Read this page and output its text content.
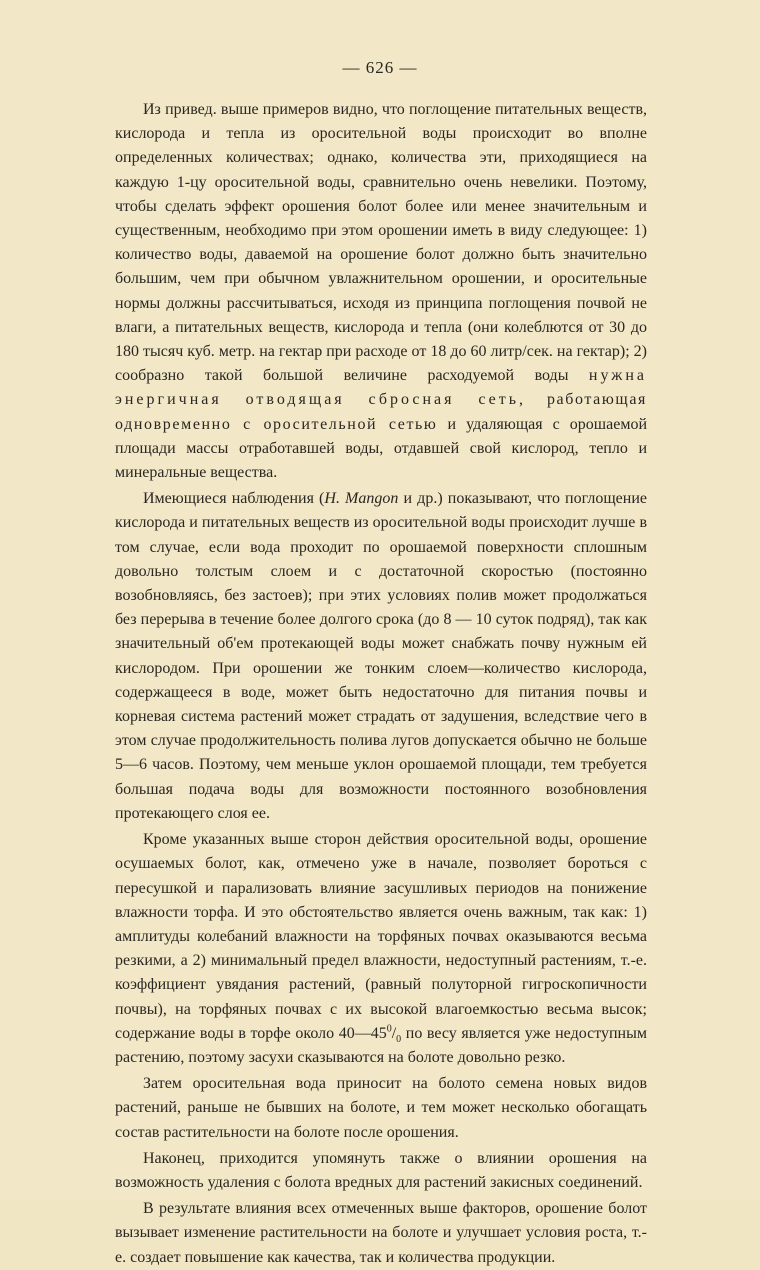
— 626 —

Из привед. выше примеров видно, что поглощение питательных веществ, кислорода и тепла из оросительной воды происходит во вполне определенных количествах; однако, количества эти, приходящиеся на каждую 1-цу оросительной воды, сравнительно очень невелики. Поэтому, чтобы сделать эффект орошения болот более или менее значительным и существенным, необходимо при этом орошении иметь в виду следующее: 1) количество воды, даваемой на орошение болот должно быть значительно большим, чем при обычном увлажнительном орошении, и оросительные нормы должны рассчитываться, исходя из принципа поглощения почвой не влаги, а питательных веществ, кислорода и тепла (они колеблются от 30 до 180 тысяч куб. метр. на гектар при расходе от 18 до 60 литр/сек. на гектар); 2) сообразно такой большой величине расходуемой воды нужна энергичная отводящая сбросная сеть, работающая одновременно с оросительной сетью и удаляющая с орошаемой площади массы отработавшей воды, отдавшей свой кислород, тепло и минеральные вещества.

Имеющиеся наблюдения (H. Mangon и др.) показывают, что поглощение кислорода и питательных веществ из оросительной воды происходит лучше в том случае, если вода проходит по орошаемой поверхности сплошным довольно толстым слоем и с достаточной скоростью (постоянно возобновляясь, без застоев); при этих условиях полив может продолжаться без перерыва в течение более долгого срока (до 8 — 10 суток подряд), так как значительный об'ем протекающей воды может снабжать почву нужным ей кислородом. При орошении же тонким слоем—количество кислорода, содержащееся в воде, может быть недостаточно для питания почвы и корневая система растений может страдать от задушения, вследствие чего в этом случае продолжительность полива лугов допускается обычно не больше 5—6 часов. Поэтому, чем меньше уклон орошаемой площади, тем требуется большая подача воды для возможности постоянного возобновления протекающего слоя ее.

Кроме указанных выше сторон действия оросительной воды, орошение осушаемых болот, как, отмечено уже в начале, позволяет бороться с пересушкой и парализовать влияние засушливых периодов на понижение влажности торфа. И это обстоятельство является очень важным, так как: 1) амплитуды колебаний влажности на торфяных почвах оказываются весьма резкими, а 2) минимальный предел влажности, недоступный растениям, т.-е. коэффициент увядания растений, (равный полуторной гигроскопичности почвы), на торфяных почвах с их высокой влагоемкостью весьма высок; содержание воды в торфе около $40—45^0/_0$ по весу является уже недоступным растению, поэтому засухи сказываются на болоте довольно резко.

Затем оросительная вода приносит на болото семена новых видов растений, раньше не бывших на болоте, и тем может несколько обогащать состав растительности на болоте после орошения.

Наконец, приходится упомянуть также о влиянии орошения на возможность удаления с болота вредных для растений закисных соединений.

В результате влияния всех отмеченных выше факторов, орошение болот вызывает изменение растительности на болоте и улучшает условия роста, т.-е. создает повышение как качества, так и количества продукции.
